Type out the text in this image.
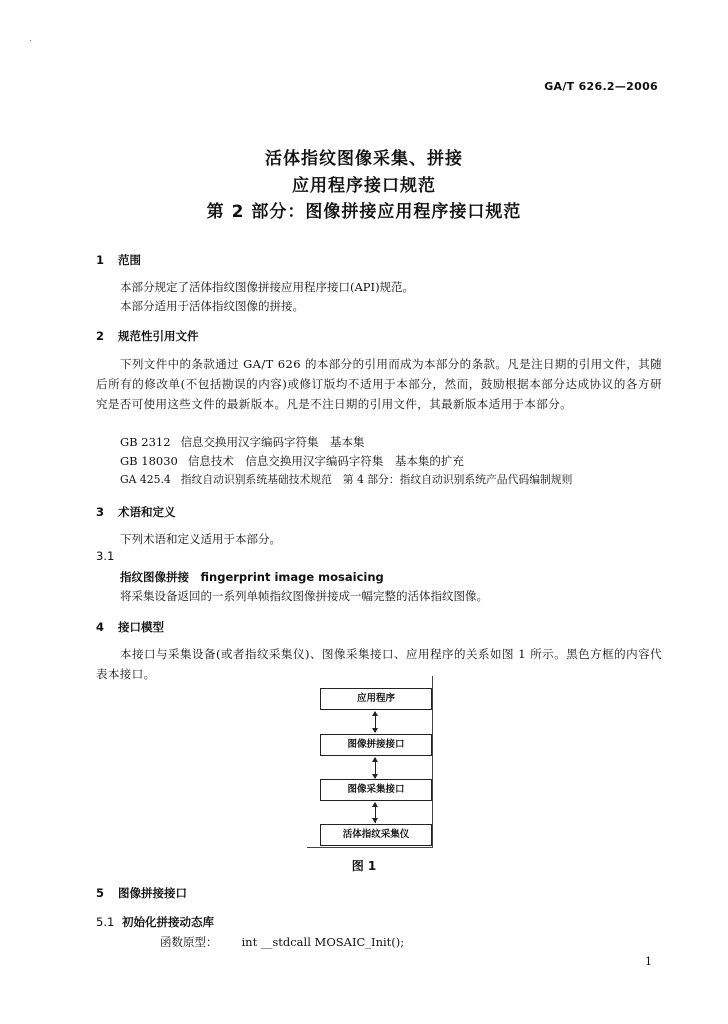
GA/T 626.2—2006
活体指纹图像采集、拼接
应用程序接口规范
第 2 部分：图像拼接应用程序接口规范
1 范围
本部分规定了活体指纹图像拼接应用程序接口(API)规范。
本部分适用于活体指纹图像的拼接。
2 规范性引用文件
下列文件中的条款通过 GA/T 626 的本部分的引用而成为本部分的条款。凡是注日期的引用文件，其随后所有的修改单(不包括勘误的内容)或修订版均不适用于本部分，然而，鼓励根据本部分达成协议的各方研究是否可使用这些文件的最新版本。凡是不注日期的引用文件，其最新版本适用于本部分。
GB 2312 信息交换用汉字编码字符集　基本集
GB 18030 信息技术　信息交换用汉字编码字符集　基本集的扩充
GA 425.4 指纹自动识别系统基础技术规范　第 4 部分：指纹自动识别系统产品代码编制规则
3 术语和定义
下列术语和定义适用于本部分。
3.1
指纹图像拼接　fingerprint image mosaicing
将采集设备返回的一系列单帧指纹图像拼接成一幅完整的活体指纹图像。
4 接口模型
本接口与采集设备(或者指纹采集仪)、图像采集接口、应用程序的关系如图 1 所示。黑色方框的内容代表本接口。
应用程序
图像拼接接口
图像采集接口
活体指纹采集仪
图 1
5 图像拼接接口
5.1 初始化拼接动态库
函数原型： int __stdcall MOSAIC_Init();
1
